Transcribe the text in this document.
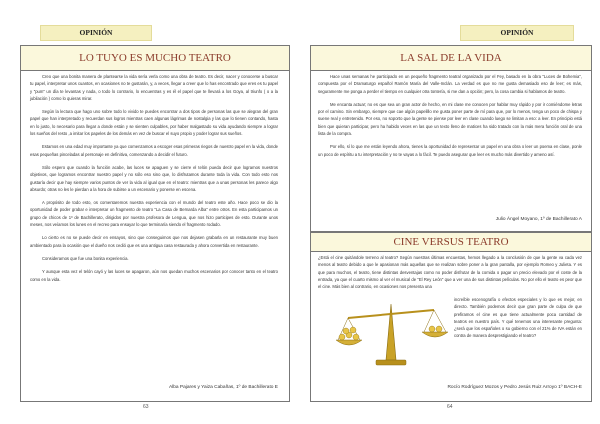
OPINIÓN
LO TUYO ES MUCHO TEATRO

Creo que una bonita manera de plantearse la vida sería verla como una obra de teatro. Es decir, nacer y conocerse a buscar tu papel, interpretar unos cuantos, en ocasiones no te gustarán, y, a veces, llegar a creer que lo has encontrado que eres es tu papel y "pum" un día te levantas y nada, o todo lo contrario, lo encuentras y es él el papel que te llevará a los Goya, al triunfo ( o a la jubilación ) como lo quieras mirar.

Según la lectura que hago uno sobre todo lo vivido te puedes encontrar a dos tipos de personas las que se alegran del gran papel que han interpretado y recuerdan sus logros mientras caen algunas lágrimas de nostalgia y las que lo tienen contando, hasta en lo justo, lo necesario para llegar a donde están y se sienten culpables, por haber malgastado su vida ayudando siempre a lograr los sueños del resto ,a imitar los papeles de los demás en vez de buscar el suyo propio y poder lograr sus sueños.

Estamos en una edad muy importante ya que comenzamos a escoger esas primeras riegos de nuestro papel en la vida, donde esas pequeñas pinceladas al personaje en definitiva, comenzando a decidir el futuro.

Sólo espero que cuando la función acabe, las luces se apaguen y se cierre el telón pueda decir que logramos nuestros objetivos, que logramos encontrar nuestro papel y no sólo eso sino que, lo disfrutamos durante toda la vida. Con todo esto nos gustaría decir que hay siempre varios puntos de ver la vida al igual que en el teatro: mientras que a unas personas les parece algo absurdo; otras no les le pierdan a la hora de subirse a un escenario y ponerse en escena.

A propósito de todo esto, os comentaremos nuestra experiencia con el mundo del teatro este año. Hace poco se dio la oportunidad de poder grabar e interpretar un fragmento de teatro "La Casa de Bernarda Alba" entre otros. En esta participamos un grupo de chicos de 1º de Bachillerato, dirigidos por nuestra profesora de Lengua, que nos hizo participes de esto. Durante unos meses, nos veíamos los lunes en el recreo para ensayar lo que terminaría siendo el fragmento rodado.

Lo cierto es no se puede decir en ensayos, sino que conseguimos que nos dejasen grabarla en un restaurante muy buen ambientado para la ocasión que el dueño nos cedió que es una antigua casa restaurada y ahora convertida en restaurante.

Consideramos que fue una bonita experiencia.

Y aunque esta vez el telón cayó y las luces se apagaron, aún nos quedan muchos escenarios por conocer tanto en el teatro como en la vida.

Alba Pajares y Yaiza Cabañas, 1º de Bachillerato E
63
OPINIÓN
LA SAL DE LA VIDA

Hace unas semanas he participado en un pequeño fragmento teatral organizado por el Fey, basado en la obra "Luces de Bohemia", compuesta por el Dramaturgo español Ramón María del Valle-Inclán. La verdad es que no me gusta demasiado eso de leer; es más, seguramente me ponga a perder el tiempo en cualquier otra tontería, si me dan a opción; pero, la cosa cambia si hablamos de teatro.

Me encanta actuar; no es que sea un gran actor de hecho, en mi clase me conocen por hablar muy rápido y por ir comiéndome letras por el camino. Sin embargo, siempre que cae algún papelillo me gusta poner parte de mí para que, por lo menos, tenga un poco de chispa y suene real y entretenido. Por eso, no soporto que la gente se piense por leer en clase cuando luego se limitan a eso: a leer. En principio está bien que quieran participar, pero ha habido veces en las que un texto lleno de matices ha sido tratado con la más mera función oral de una lista de la compra.

Por ello, sí lo que me están leyendo ahora, tienes la oportunidad de representar un papel en una obra o leer un poema en clase, ponle un poco de espíritu a tu interpretación y no te vayas a lo fácil. Te puedo asegurar que leer es mucho más divertido y ameno así.

Julio Ángel Moyano, 1º de Bachillerato A
CINE VERSUS TEATRO
¿Está el cine quitándole terreno al teatro? Según nuestras últimas encuestas, hemos llegado a la conclusión de que la gente va cada vez menos al teatro debido a que le apasionan más aquellas que se realizan sobre poner a la gran pantalla, por ejemplo Romeo y Julieta. Y es que para muchos, el teatro, tiene distintas desventajas como no poder disfrutar de la comida o pagar un precio elevado por el coste de la entrada, ya que el cuarto mismo al ver el musical de "El Rey León" que a ver una de sus distintas películas. No por ello el teatro es peor que el cine. Más bien al contrario, en ocasiones nos presenta una
increíble escenografía o efectos especiales y lo que es mejor, en directo. También podemos decir que gran parte de culpa de que prefiramos el cine es que tiene actualmente poca cantidad de teatros en nuestro país. Y qué tenemos una interesante pregunta: ¿será que los españoles o su gobierno con el 21% de IVA están en contra de manera desprestigiando el teatro?
Rocío Rodríguez Mozos y Pedro Jesús Ruiz Arroyo 1º BACH-E
64
